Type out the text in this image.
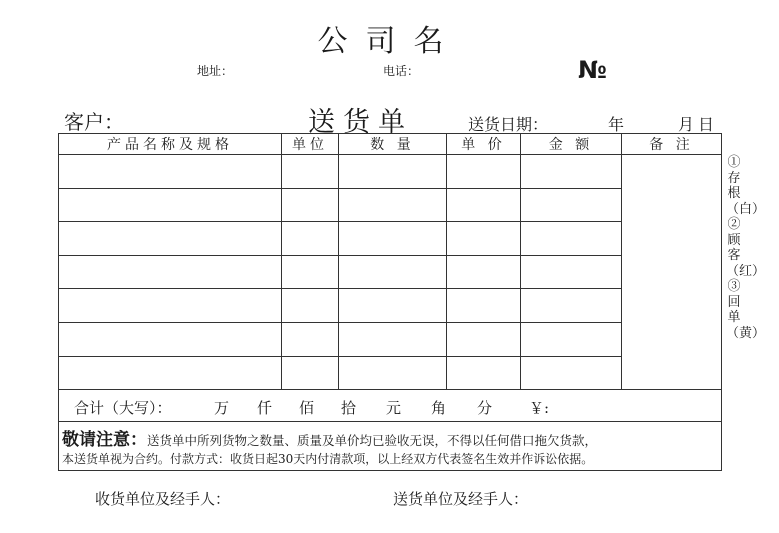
公司名
地址：	电话：	№
客户：	送货单	送货日期：	年	月 日
产品名称及规格	单位	数 量	单 价	金 额	备 注

合计（大写）：	万 仟 佰 拾 元 角 分 ￥:
敬请注意：送货单中所列货物之数量、质量及单价均已验收无误，不得以任何借口拖欠货款，
本送货单视为合约。付款方式：收货日起30天内付清款项，以上经双方代表签名生效并作诉讼依据。
①存根（白）②顾客（红）③回单（黄）
收货单位及经手人：	送货单位及经手人：
